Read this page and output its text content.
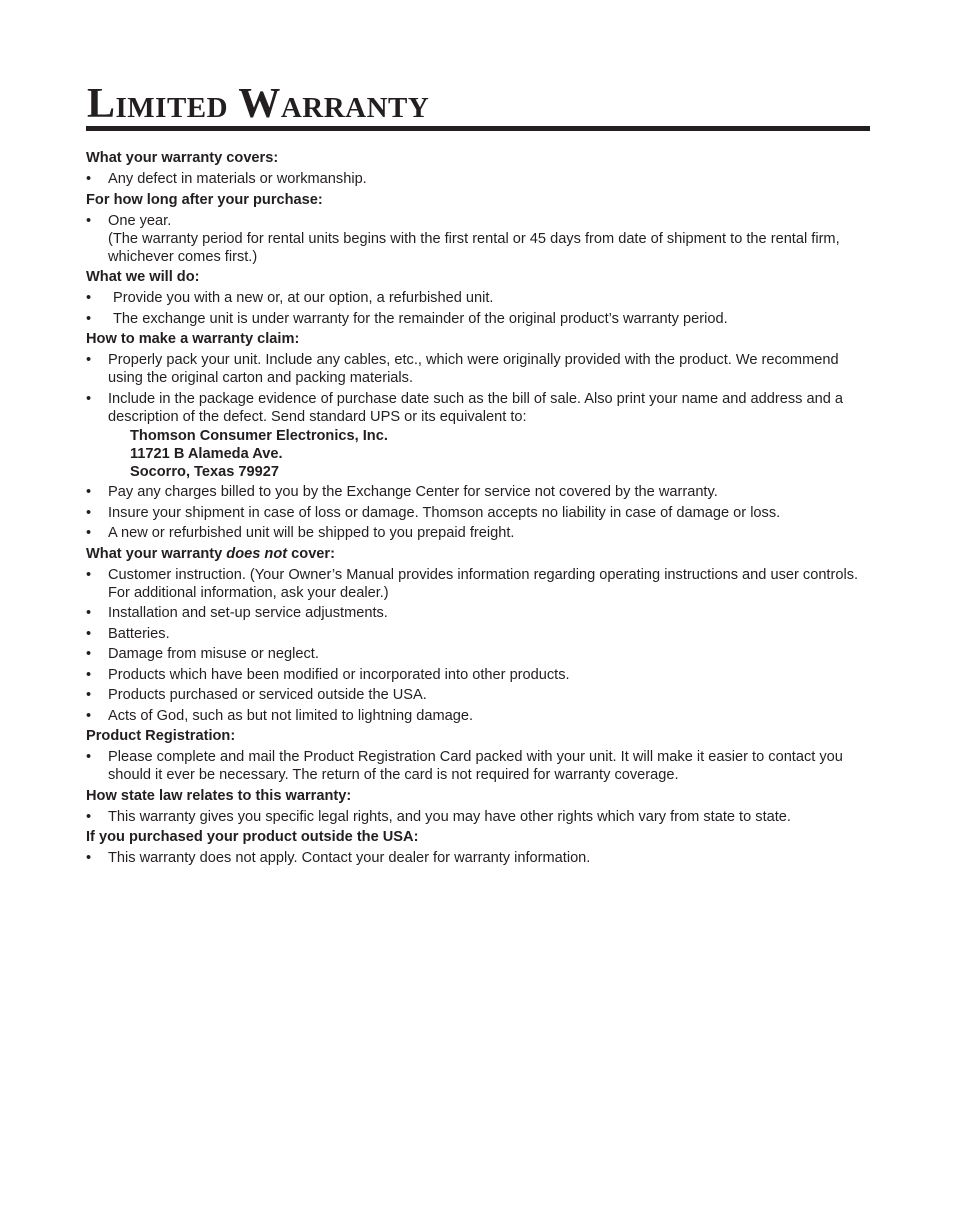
Limited Warranty
What your warranty covers:
• Any defect in materials or workmanship.
For how long after your purchase:
• One year.
(The warranty period for rental units begins with the first rental or 45 days from date of shipment to the rental firm, whichever comes first.)
What we will do:
• Provide you with a new or, at our option, a refurbished unit.
• The exchange unit is under warranty for the remainder of the original product’s warranty period.
How to make a warranty claim:
• Properly pack your unit. Include any cables, etc., which were originally provided with the product. We recommend using the original carton and packing materials.
• Include in the package evidence of purchase date such as the bill of sale. Also print your name and address and a description of the defect. Send standard UPS or its equivalent to:
Thomson Consumer Electronics, Inc.
11721 B Alameda Ave.
Socorro, Texas 79927
• Pay any charges billed to you by the Exchange Center for service not covered by the warranty.
• Insure your shipment in case of loss or damage. Thomson accepts no liability in case of damage or loss.
• A new or refurbished unit will be shipped to you prepaid freight.
What your warranty does not cover:
• Customer instruction. (Your Owner’s Manual provides information regarding operating instructions and user controls. For additional information, ask your dealer.)
• Installation and set-up service adjustments.
• Batteries.
• Damage from misuse or neglect.
• Products which have been modified or incorporated into other products.
• Products purchased or serviced outside the USA.
• Acts of God, such as but not limited to lightning damage.
Product Registration:
• Please complete and mail the Product Registration Card packed with your unit. It will make it easier to contact you should it ever be necessary. The return of the card is not required for warranty coverage.
How state law relates to this warranty:
• This warranty gives you specific legal rights, and you may have other rights which vary from state to state.
If you purchased your product outside the USA:
• This warranty does not apply. Contact your dealer for warranty information.
